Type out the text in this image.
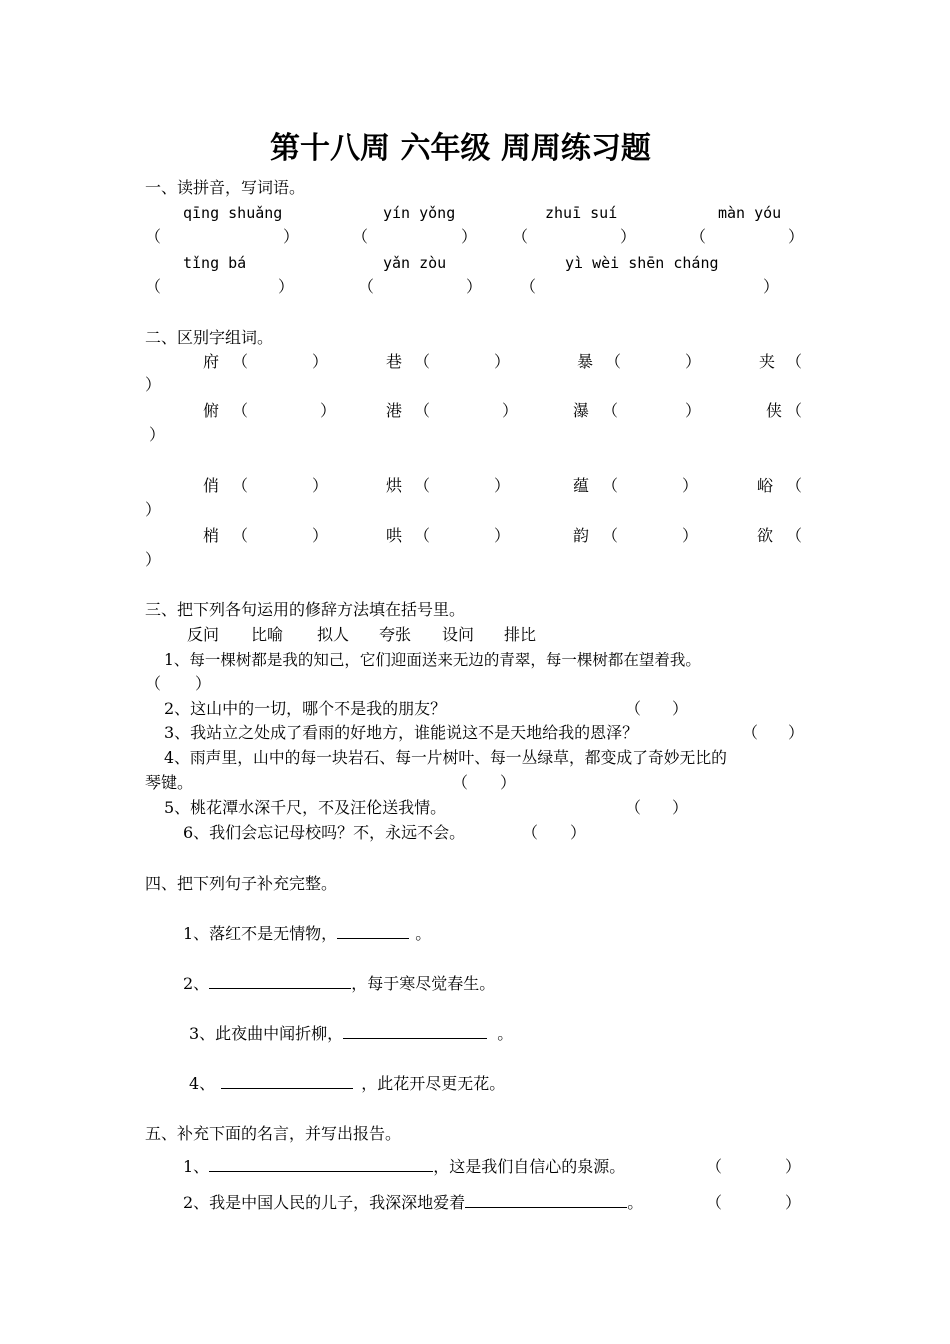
第十八周 六年级 周周练习题
一、读拼音，写词语。
qīng shuǎng	yín yǒng	zhuī suí	màn yóu
（	）	（	） （	）	（	）
tǐng bá	yǎn zòu	yì wèi shēn cháng
（	）	（	） （	）
二、区别字组词。
府 （	）	巷 （	）	暴 （	）	夹 （
）
俯 （	）	港 （	）	瀑 （	）	侠 （
）
俏 （	）	烘 （	）	蕴 （	）	峪 （
）
梢 （	）	哄 （	）	韵 （	）	欲 （
）
三、把下列各句运用的修辞方法填在括号里。
反问 比喻 拟人 夸张 设问 排比
1、每一棵树都是我的知己，它们迎面送来无边的青翠，每一棵树都在望着我。
（ ）
2、这山中的一切，哪个不是我的朋友？	（ ）
3、我站立之处成了看雨的好地方，谁能说这不是天地给我的恩泽？	（ ）
4、雨声里，山中的每一块岩石、每一片树叶、每一丛绿草，都变成了奇妙无比的
琴键。	（ ）
5、桃花潭水深千尺，不及汪伦送我情。	（ ）
6、我们会忘记母校吗？不，永远不会。	（ ）
四、把下列句子补充完整。
1、落红不是无情物，	。
2、	，每于寒尽觉春生。
3、此夜曲中闻折柳，	。
4、	，此花开尽更无花。
五、补充下面的名言，并写出报告。
1、	，这是我们自信心的泉源。	（	）
2、我是中国人民的儿子，我深深地爱着	。	（	）
